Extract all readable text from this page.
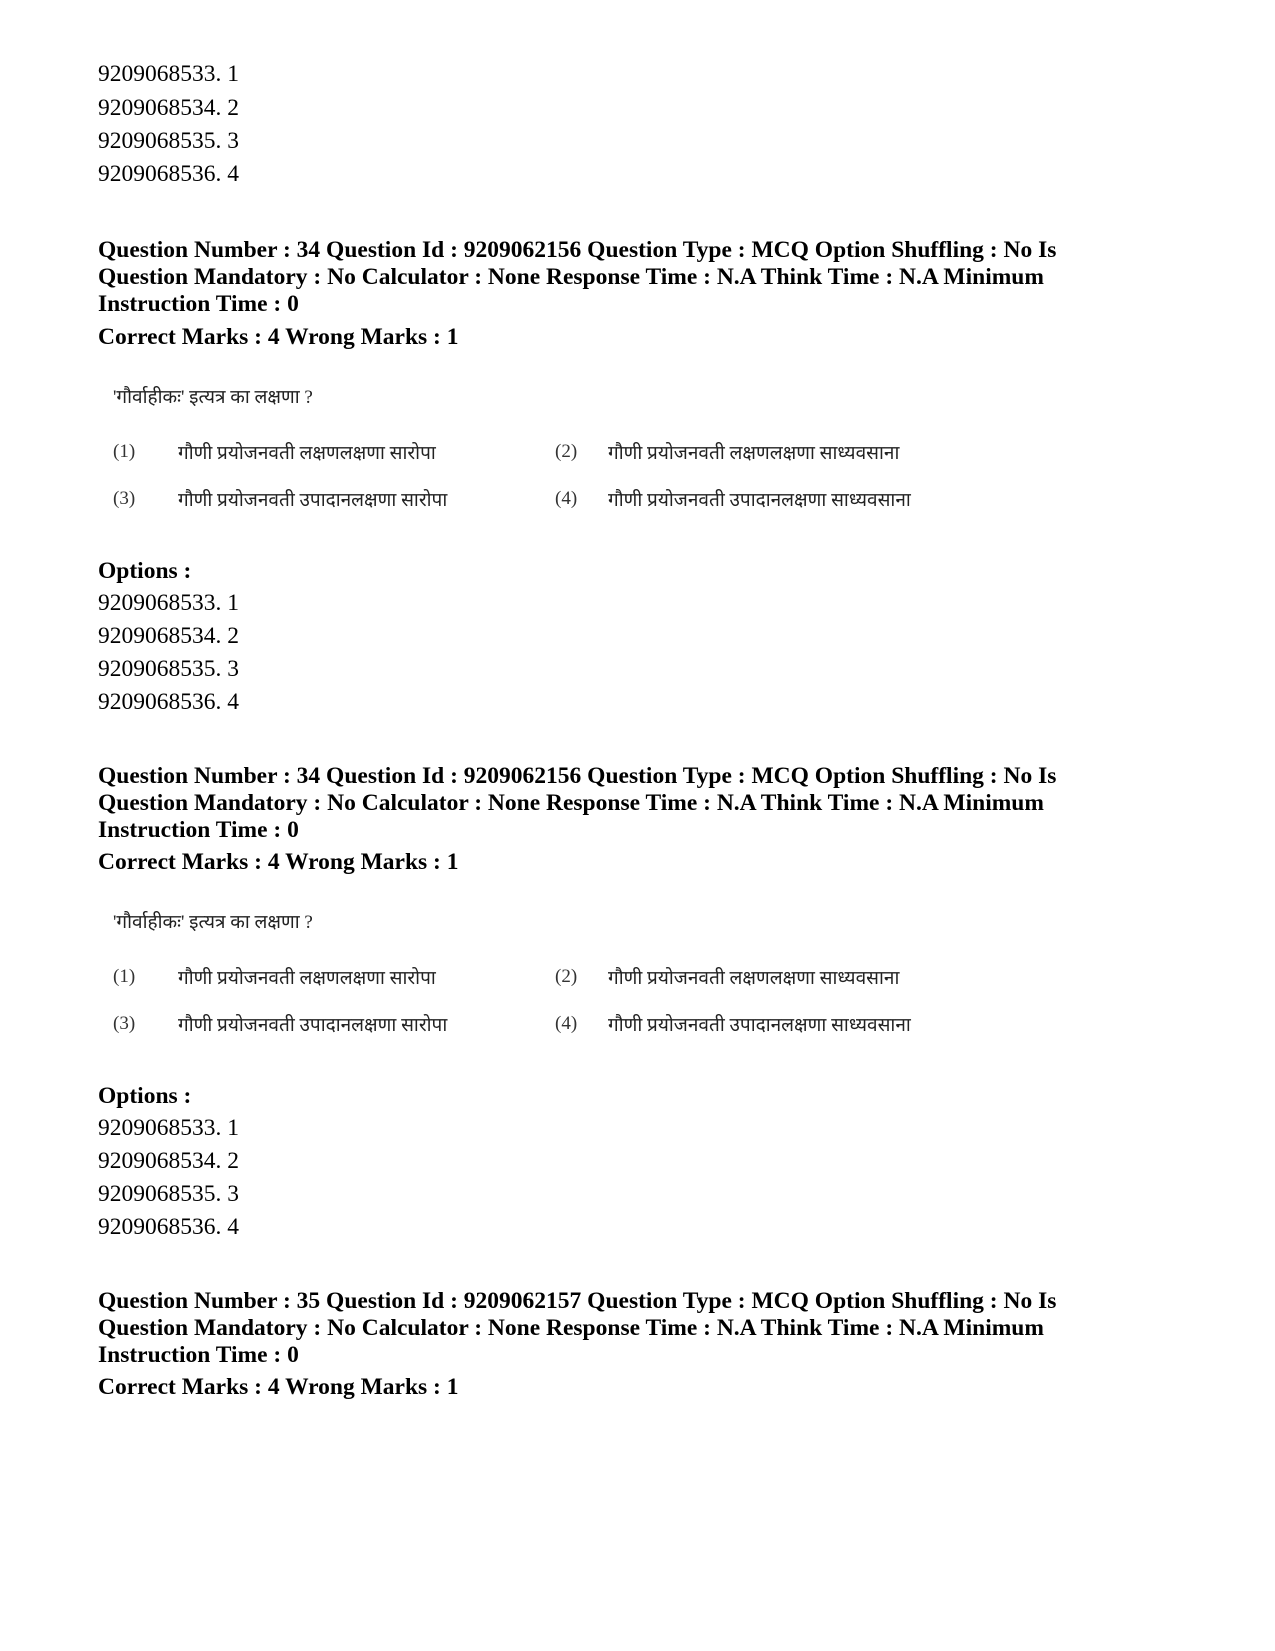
9209068533. 1
9209068534. 2
9209068535. 3
9209068536. 4
Question Number : 34 Question Id : 9209062156 Question Type : MCQ Option Shuffling : No Is
Question Mandatory : No Calculator : None Response Time : N.A Think Time : N.A Minimum
Instruction Time : 0
Correct Marks : 4 Wrong Marks : 1
'गौर्वाहीकः' इत्यत्र का लक्षणा ?
(1) गौणी प्रयोजनवती लक्षणलक्षणा सारोपा	(2) गौणी प्रयोजनवती लक्षणलक्षणा साध्यवसाना
(3) गौणी प्रयोजनवती उपादानलक्षणा सारोपा	(4) गौणी प्रयोजनवती उपादानलक्षणा साध्यवसाना
Options :
9209068533. 1
9209068534. 2
9209068535. 3
9209068536. 4
Question Number : 34 Question Id : 9209062156 Question Type : MCQ Option Shuffling : No Is
Question Mandatory : No Calculator : None Response Time : N.A Think Time : N.A Minimum
Instruction Time : 0
Correct Marks : 4 Wrong Marks : 1
'गौर्वाहीकः' इत्यत्र का लक्षणा ?
(1) गौणी प्रयोजनवती लक्षणलक्षणा सारोपा	(2) गौणी प्रयोजनवती लक्षणलक्षणा साध्यवसाना
(3) गौणी प्रयोजनवती उपादानलक्षणा सारोपा	(4) गौणी प्रयोजनवती उपादानलक्षणा साध्यवसाना
Options :
9209068533. 1
9209068534. 2
9209068535. 3
9209068536. 4
Question Number : 35 Question Id : 9209062157 Question Type : MCQ Option Shuffling : No Is
Question Mandatory : No Calculator : None Response Time : N.A Think Time : N.A Minimum
Instruction Time : 0
Correct Marks : 4 Wrong Marks : 1
